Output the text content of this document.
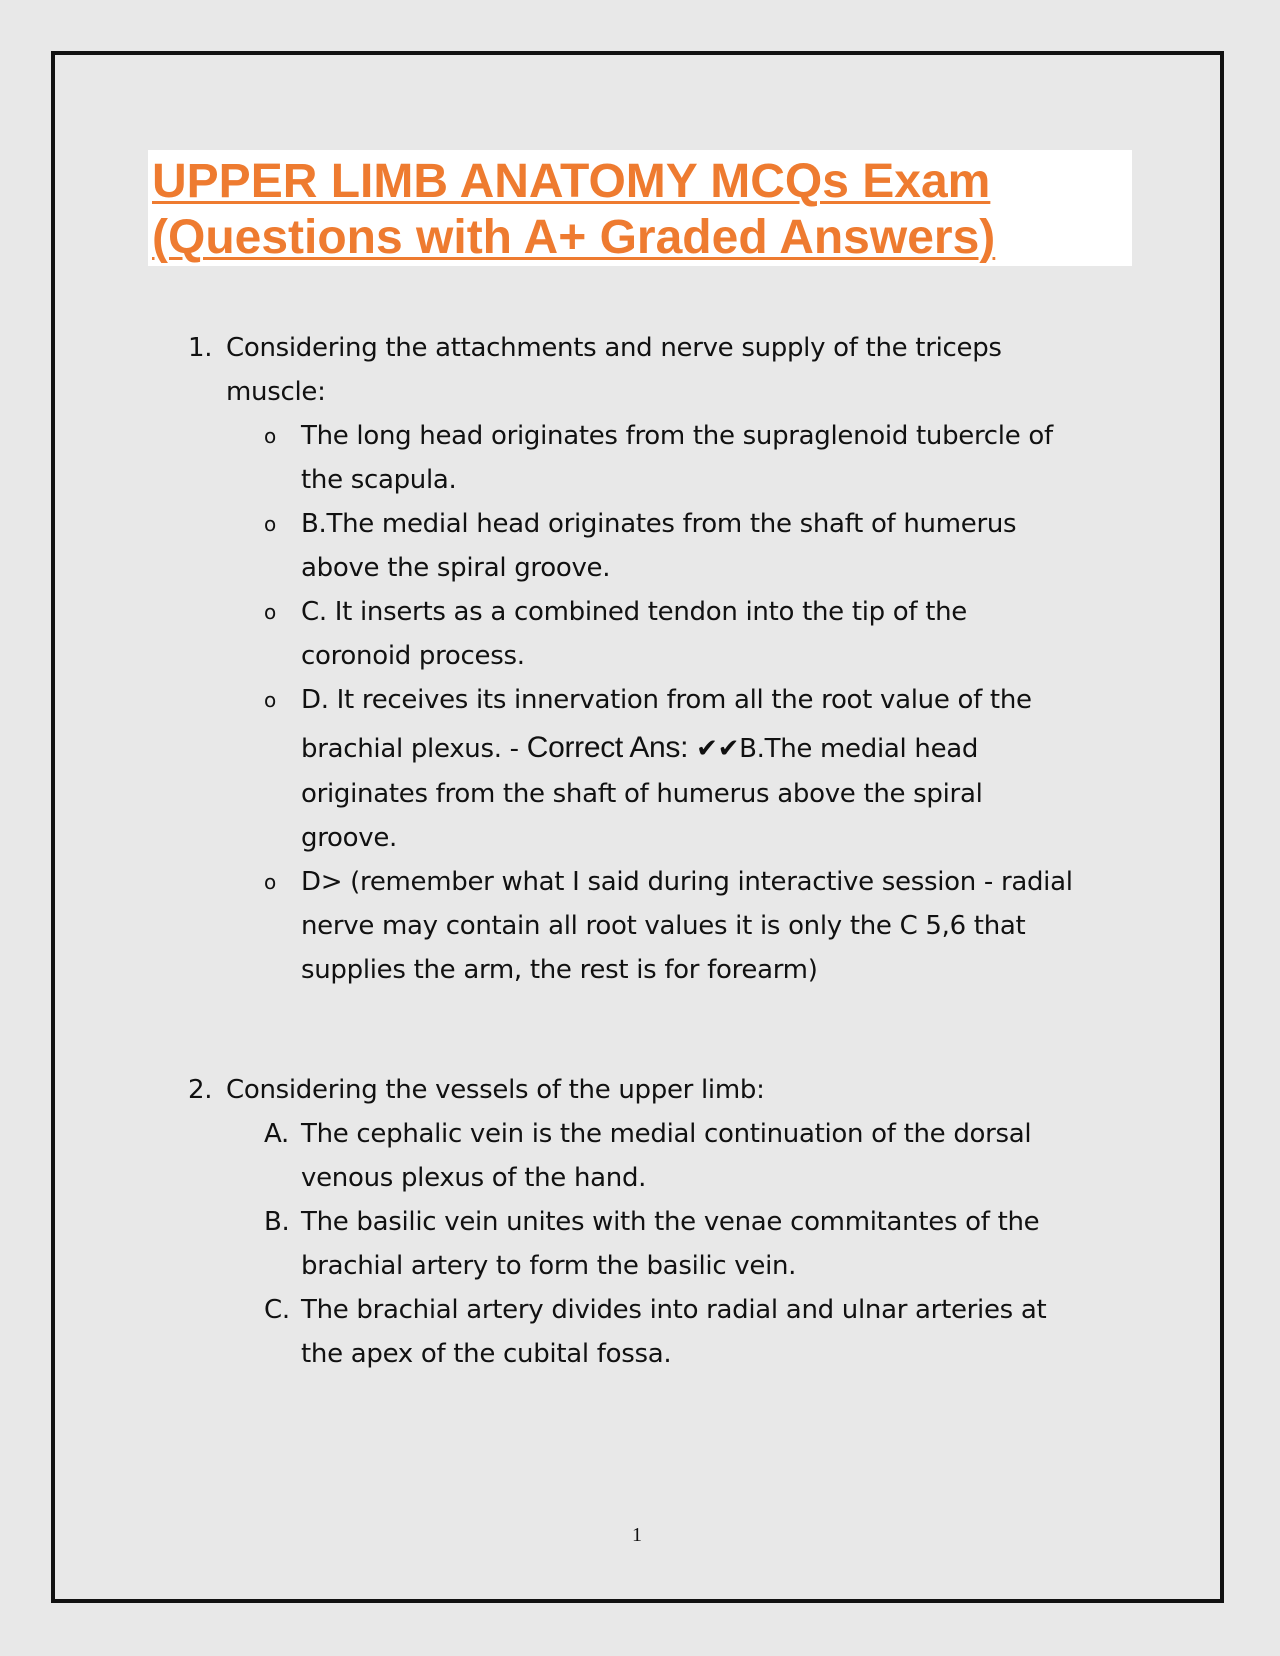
UPPER LIMB ANATOMY MCQs Exam
(Questions with A+ Graded Answers)
1. Considering the attachments and nerve supply of the triceps
muscle:
o The long head originates from the supraglenoid tubercle of
the scapula.
o B.The medial head originates from the shaft of humerus
above the spiral groove.
o C. It inserts as a combined tendon into the tip of the
coronoid process.
o D. It receives its innervation from all the root value of the
brachial plexus. - Correct Ans: ✔✔B.The medial head
originates from the shaft of humerus above the spiral
groove.
o D> (remember what I said during interactive session - radial
nerve may contain all root values it is only the C 5,6 that
supplies the arm, the rest is for forearm)
2. Considering the vessels of the upper limb:
A. The cephalic vein is the medial continuation of the dorsal
venous plexus of the hand.
B. The basilic vein unites with the venae commitantes of the
brachial artery to form the basilic vein.
C. The brachial artery divides into radial and ulnar arteries at
the apex of the cubital fossa.
1
